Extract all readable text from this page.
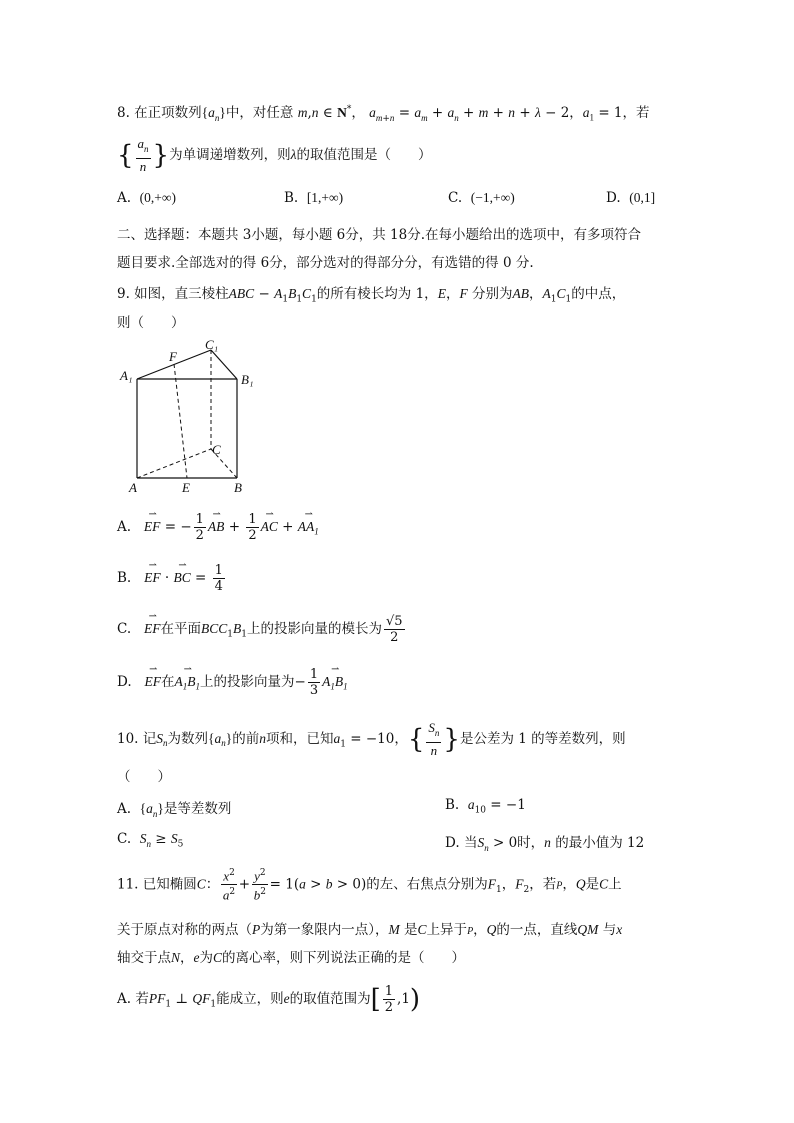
8. 在正项数列$\{a_n\}$中，对任意 m,n ∈ N*， $a_{m+n} = a_m + a_n + m + n + \lambda - 2$，$a_1 = 1$，若
{ $\frac{a_n}{n}$ }为单调递增数列，则λ的取值范围是（　　）
A. (0,+∞)	B. [1,+∞)	C. (−1,+∞)	D. (0,1]
二、选择题：本题共 3小题，每小题 6分，共 18分.在每小题给出的选项中，有多项符合
题目要求.全部选对的得 6分，部分选对的得部分分，有选错的得 0 分.
9. 如图，直三棱柱ABC − $A_1B_1C_1$的所有棱长均为 1，E，F 分别为AB，$A_1C_1$的中点，
则（　　）
A₁
F
C₁
B₁
C
A	E	B
A. ⇀ EF = − $\frac{1}{2}$ ⇀ AB + $\frac{1}{2}$ ⇀ AC + ⇀ $AA_1$
B. ⇀ EF · ⇀ BC = $\frac{1}{4}$
C. ⇀ EF在平面$BCC_1B_1$上的投影向量的模长为 $\frac{√5}{2}$
D. ⇀ EF在⇀ $A_1B_1$上的投影向量为− $\frac{1}{3}$ ⇀ $A_1B_1$
10. 记$S_n$为数列$\{a_n\}$的前n项和，已知$a_1 = -10$，{ $\frac{S_n}{n}$ }是公差为 1 的等差数列，则
（　　）
A. $\{a_n\}$是等差数列	B. $a_{10} = -1$
C. $S_n \ge S_5$	D. 当$S_n > 0$时，n 的最小值为 12
11. 已知椭圆C： $\frac{x^2}{a^2} + \frac{y^2}{b^2} = 1(a > b > 0)$的左、右焦点分别为$F_1$，$F_2$，若P，Q是C上
关于原点对称的两点（P为第一象限内一点），M 是C上异于P，Q的一点，直线QM 与x
轴交于点N，e为C的离心率，则下列说法正确的是（　　）
A. 若$PF_1$ ⊥ $QF_1$能成立，则e的取值范围为[ $\frac{1}{2} ,1$)
